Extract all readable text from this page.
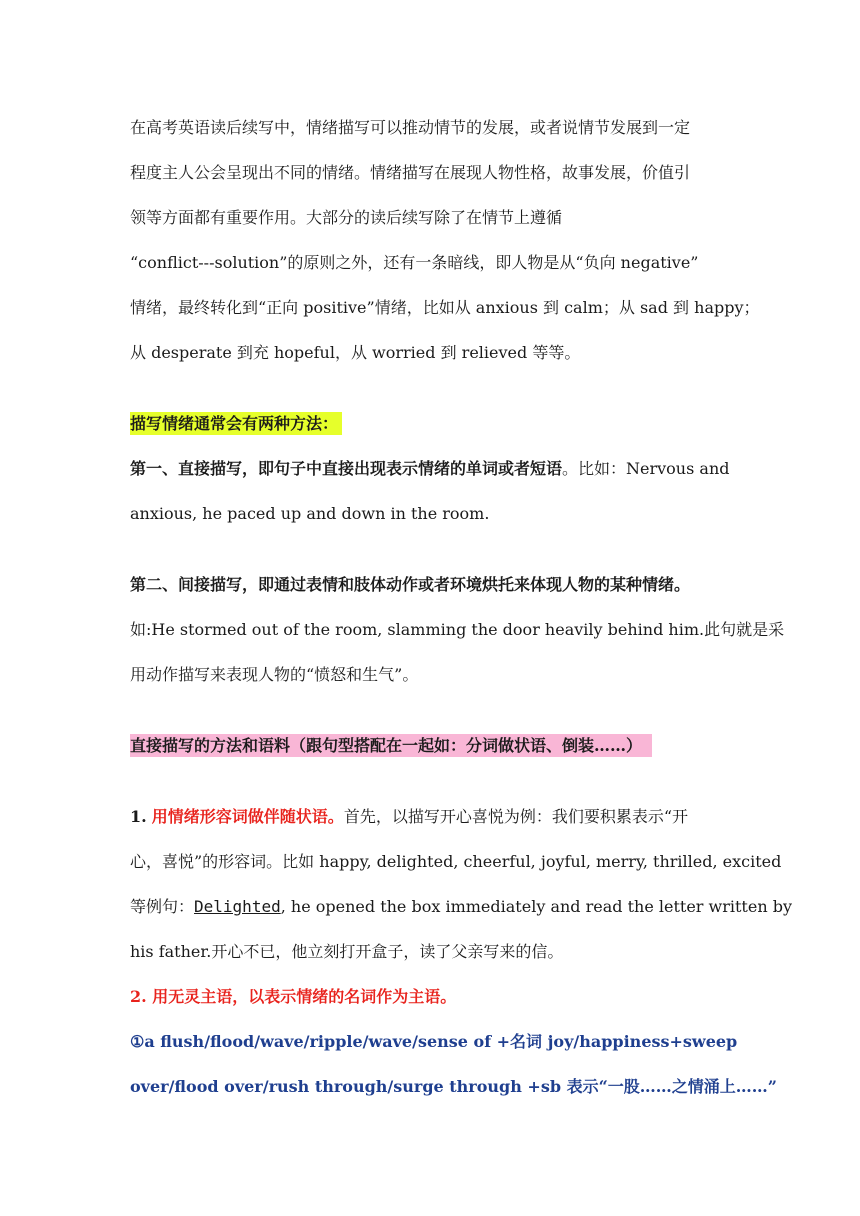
在高考英语读后续写中，情绪描写可以推动情节的发展，或者说情节发展到一定
程度主人公会呈现出不同的情绪。情绪描写在展现人物性格，故事发展，价值引
领等方面都有重要作用。大部分的读后续写除了在情节上遵循
“conflict---solution”的原则之外，还有一条暗线，即人物是从“负向 negative”
情绪，最终转化到“正向 positive”情绪，比如从 anxious 到 calm；从 sad 到 happy；
从 desperate 到充 hopeful，从 worried 到 relieved 等等。
描写情绪通常会有两种方法：
第一、直接描写，即句子中直接出现表示情绪的单词或者短语。比如：Nervous and
anxious, he paced up and down in the room.
第二、间接描写，即通过表情和肢体动作或者环境烘托来体现人物的某种情绪。
如:He stormed out of the room, slamming the door heavily behind him.此句就是采
用动作描写来表现人物的“愤怒和生气”。
直接描写的方法和语料（跟句型搭配在一起如：分词做状语、倒装……）
1. 用情绪形容词做伴随状语。首先，以描写开心喜悦为例：我们要积累表示“开
心，喜悦”的形容词。比如 happy, delighted, cheerful, joyful, merry, thrilled, excited
等例句：Delighted, he opened the box immediately and read the letter written by
his father.开心不已，他立刻打开盒子，读了父亲写来的信。
2. 用无灵主语，以表示情绪的名词作为主语。
①a flush/flood/wave/ripple/wave/sense of +名词 joy/happiness+sweep
over/flood over/rush through/surge through +sb 表示“一股……之情涌上……”
